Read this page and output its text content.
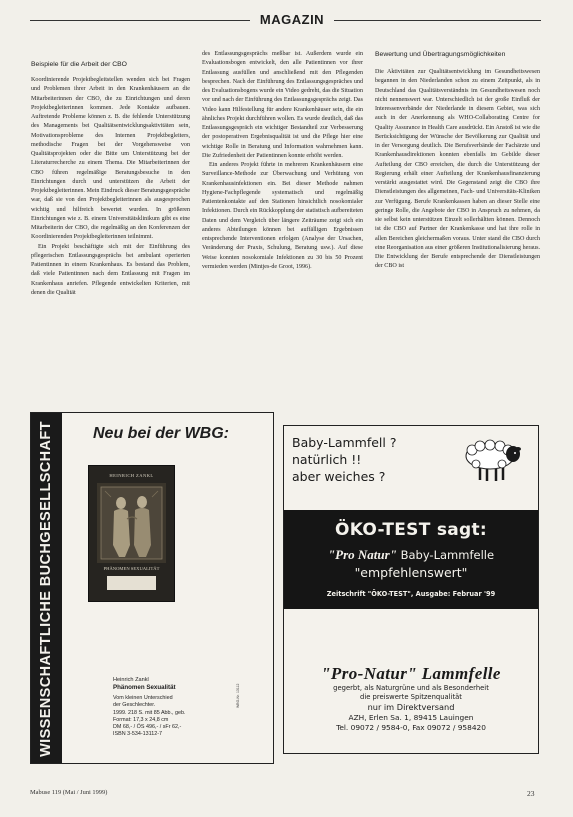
MAGAZIN
Beispiele für die Arbeit der CBO

Koordinierende Projektbegleitstellen wenden sich bei Fragen und Problemen ihrer Arbeit in den Krankenhäusern an die Mitarbeiterinnen der CBO, die zu Einrichtungen und deren Projektbegleiterinnen kommen. Jede Kontakte aufbauen. Auftretende Probleme können z. B. die fehlende Unterstützung des Managements bei Qualitätsentwicklungsaktivitäten sein, Motivationsprobleme des Internen Projektbegleiters, methodische Fragen bei der Vorgehensweise von Qualitätsprojekten oder die Bitte um Unterstützung bei der Literaturrecherche zu einem Thema. Die Mitarbeiterinnen der CBO führen regelmäßige Beratungsbesuche in den Einrichtungen durch und unterstützen die Arbeit der Projektbegleiterinnen. Mein Eindruck dieser Beratungsgespräche war, daß sie von den Projektbegleiterinnen als ausgesprochen wichtig und hilfreich bewertet wurden. In größeren Einrichtungen wie z. B. einem Universitätsklinikum gibt es eine Mitarbeiterin der CBO, die regelmäßig an den Konferenzen der Koordinierenden Projektbegleiterinnen teilnimmt.

Ein Projekt beschäftigte sich mit der Einführung des pflegerischen Entlassungsgesprächs bei ambulant operierten Patientinnen in einem Krankenhaus. Es bestand das Problem, daß viele Patientinnen nach dem Entlassung mit Fragen im Krankenhaus anriefen. Pflegende entwickelten Kriterien, mit denen die Qualität

des Entlassungsgesprächs meßbar ist. Außerdem wurde ein Evaluationsbogen entwickelt, den alle Patientinnen vor ihrer Entlassung ausfüllen und anschließend mit den Pflegenden besprechen. Nach der Einführung des Entlassungsgespräches und des Evaluationsbogens wurde ein Video gedreht, das die Situation vor und nach der Einführung des Entlassungsgesprächs zeigt. Das Video kann Hilfestellung für andere Krankenhäuser sein, die ein ähnliches Projekt durchführen wollen. Es wurde deutlich, daß das Entlassungsgespräch ein wichtiger Bestandteil zur Verbesserung der postoperativen Ergebnisqualität ist und die Pflege hier eine wichtige Rolle in Beratung und Information wahrnehmen kann. Die Zufriedenheit der Patientinnen konnte erhöht werden.

Ein anderes Projekt führte in mehreren Krankenhäusern eine Surveillance-Methode zur Überwachung und Verhütung von Krankenhausinfektionen ein. Bei dieser Methode nahmen Hygiene-Fachpflegende systematisch und regelmäßig Patientenkontakte auf den Stationen hinsichtlich nosokomialer Infektionen. Durch ein Rückkopplung der statistisch aufbereiteten Daten und dem Vergleich über längere Zeiträume zeigt sich ein anderes Abteilungen können bei auffälligen Ergebnissen entsprechende Interventionen erfolgen (Analyse der Ursachen, Veränderung der Praxis, Schulung, Beratung usw.). Auf diese Weise konnten nosokomiale Infektionen zu 30 bis 50 Prozent vermieden werden (Mintjes-de Groot, 1996).

Bewertung und Übertragungsmöglichkeiten

Die Aktivitäten zur Qualitätsentwicklung im Gesundheitswesen begannen in den Niederlanden schon zu einem Zeitpunkt, als in Deutschland das Qualitätsverständnis im Gesundheitswesen noch nicht nennenswert war. Unterschiedlich ist der große Einfluß der Interessenverbände der Niederlande in diesem Gebiet, was sich auch in der Anerkennung als WHO-Collaborating Centre for Quality Assurance in Health Care ausdrückt. Ein Anstoß ist wie die Berücksichtigung der Wünsche der Bevölkerung zur Qualität und in der Versorgung deutlich. Die Berufsverbände der Fachärzte und Krankenhausdirektionen konnten ebenfalls im Gebilde dieser Aufteilung der CBO erreichen, die durch die Unterstützung der Regierung erhält einer Aufteilung der Krankenhausfinanzierung verstärkt ausgestattet wird. Die Gegenstand zeigt die CBO ihre Dienstleistungen des allgemeinen, Fach- und Universitäts-Kliniken zur Verfügung. Berufe Krankenkassen haben an dieser Stelle eine geringe Rolle, die Angebote der CBO in Anspruch zu nehmen, da sie selbst kein unterstützen Einzelt sollerhältten können. Dennoch ist die CBO auf Partner der Krankenkasse und hat ihre rolle in allen Bereichen gleichermaßen voraus. Unter stand die CBO durch eine Reorganisation aus einer größeren Institutionalisierung heraus. Die Entwicklung der Berufe entsprechende der Dienstleistungen der CBO ist

WISSENSCHAFTLICHE BUCHGESELLSCHAFT Neu bei der WBG:
HEINRICH ZANKL
PHÄNOMEN SEXUALITÄT
Heinrich Zankl
Phänomen Sexualität
Vom kleinen Unterschied
der Geschlechter.
1999. 218 S. mit 85 Abb., geb.
Format: 17,3 x 24,8 cm
DM 68,- / ÖS 496,- / sFr 62,-
ISBN 3-534-13112-7
WBG-Nr. 13112
Baby-Lammfell ?
natürlich !!
aber weiches ?
ÖKO-TEST sagt:
"Pro Natur" Baby-Lammfelle
"empfehlenswert"
Zeitschrift "ÖKO-TEST", Ausgabe: Februar '99
"Pro-Natur" Lammfelle
gegerbt, als Naturgrüne und als Besonderheit
die preiswerte Spitzenqualität
nur im Direktversand
AZH, Erlen Sa. 1, 89415 Lauingen
Tel. 09072 / 9584-0, Fax 09072 / 958420
Mabuse 119 (Mai / Juni 1999)	23
